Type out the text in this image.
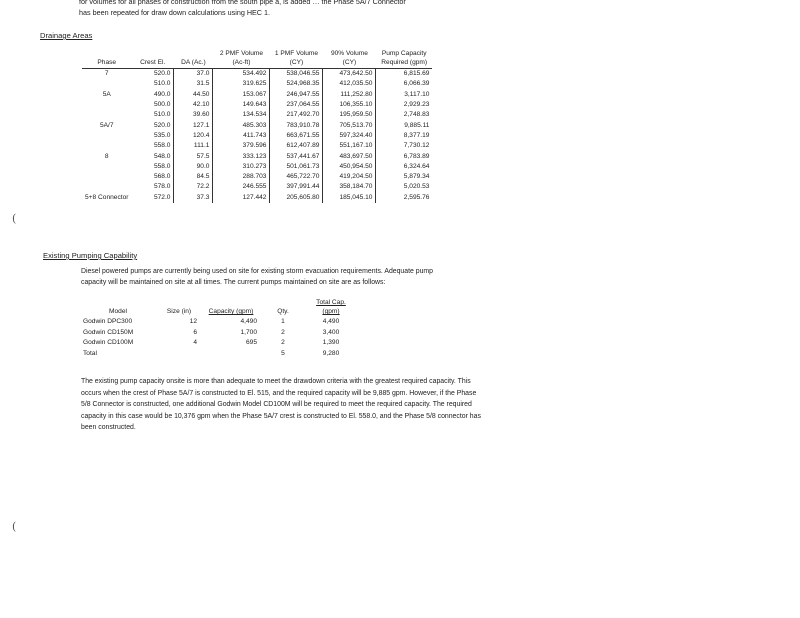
for volumes for all phases of construction from the south pipe a, is added … the Phase 5A/7 Connector
has been repeated for draw down calculations using HEC 1.
Drainage Areas
Phase	Crest El.	DA (Ac.)	2 PMF Volume (Ac-ft)	1 PMF Volume (CY)	90% Volume (CY)	Pump Capacity Required (gpm)
7	520.0	37.0	534.492	538,046.55	473,642.50	6,815.69
	510.0	31.5	319.625	524,968.35	412,035.50	6,066.39
5A	490.0	44.50	153.067	246,947.55	111,252.80	3,117.10
	500.0	42.10	149.643	237,064.55	106,355.10	2,929.23
	510.0	39.60	134.534	217,492.70	195,959.50	2,748.83
5A/7	520.0	127.1	485.303	783,910.78	705,513.70	9,885.11
	535.0	120.4	411.743	663,671.55	597,324.40	8,377.19
	558.0	111.1	379.596	612,407.89	551,167.10	7,730.12
8	548.0	57.5	333.123	537,441.67	483,697.50	6,783.89
	558.0	90.0	310.273	501,061.73	450,954.50	6,324.64
	568.0	84.5	288.703	465,722.70	419,204.50	5,879.34
	578.0	72.2	246.555	397,991.44	358,184.70	5,020.53
5+8 Connector	572.0	37.3	127.442	205,605.80	185,045.10	2,595.76
Existing Pumping Capability
Diesel powered pumps are currently being used on site for existing storm evacuation requirements. Adequate pump capacity will be maintained on site at all times. The current pumps maintained on site are as follows:
Model	Size (in)	Capacity (gpm)	Qty.	Total Cap. (gpm)
Godwin DPC300	12	4,490	1	4,490
Godwin CD150M	6	1,700	2	3,400
Godwin CD100M	4	695	2	1,390
Total			5	9,280
The existing pump capacity onsite is more than adequate to meet the drawdown criteria with the greatest required capacity. This occurs when the crest of Phase 5A/7 is constructed to El. 515, and the required capacity will be 9,885 gpm. However, if the Phase 5/8 Connector is constructed, one additional Godwin Model CD100M will be required to meet the required capacity. The required capacity in this case would be 10,376 gpm when the Phase 5A/7 crest is constructed to El. 558.0, and the Phase 5/8 connector has been constructed.
(
(
